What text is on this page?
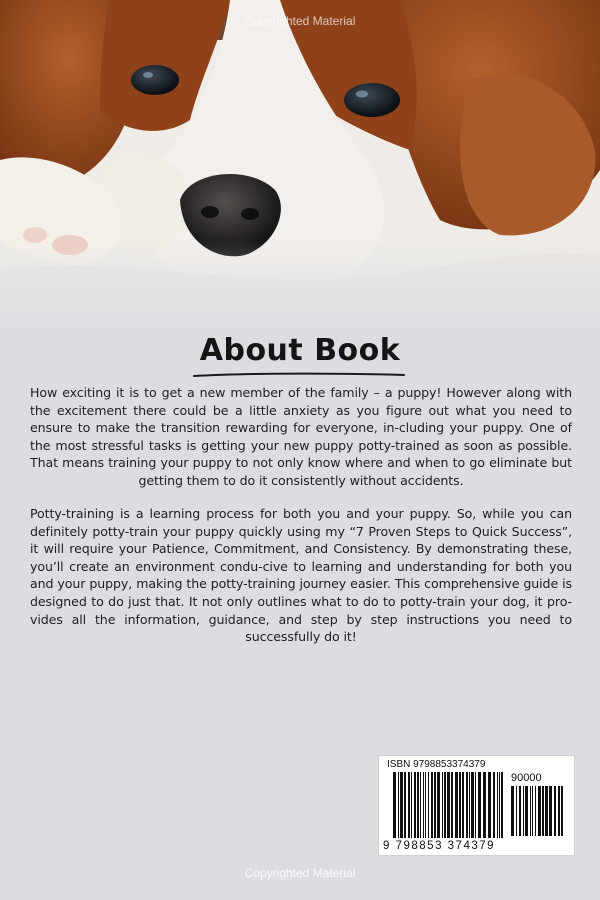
Copyrighted Material
About Book

How exciting it is to get a new member of the family – a puppy! However along with the excitement there could be a little anxiety as you figure out what you need to ensure to make the transition rewarding for everyone, in-cluding your puppy. One of the most stressful tasks is getting your new puppy potty-trained as soon as possible. That means training your puppy to not only know where and when to go eliminate but getting them to do it consistently without accidents.

Potty-training is a learning process for both you and your puppy. So, while you can definitely potty-train your puppy quickly using my “7 Proven Steps to Quick Success”, it will require your Patience, Commitment, and Consistency. By demonstrating these, you’ll create an environment condu-cive to learning and understanding for both you and your puppy, making the potty-training journey easier. This comprehensive guide is designed to do just that. It not only outlines what to do to potty-train your dog, it pro-vides all the information, guidance, and step by step instructions you need to successfully do it!

ISBN 9798853374379
90000
9 798853 374379
Copyrighted Material
